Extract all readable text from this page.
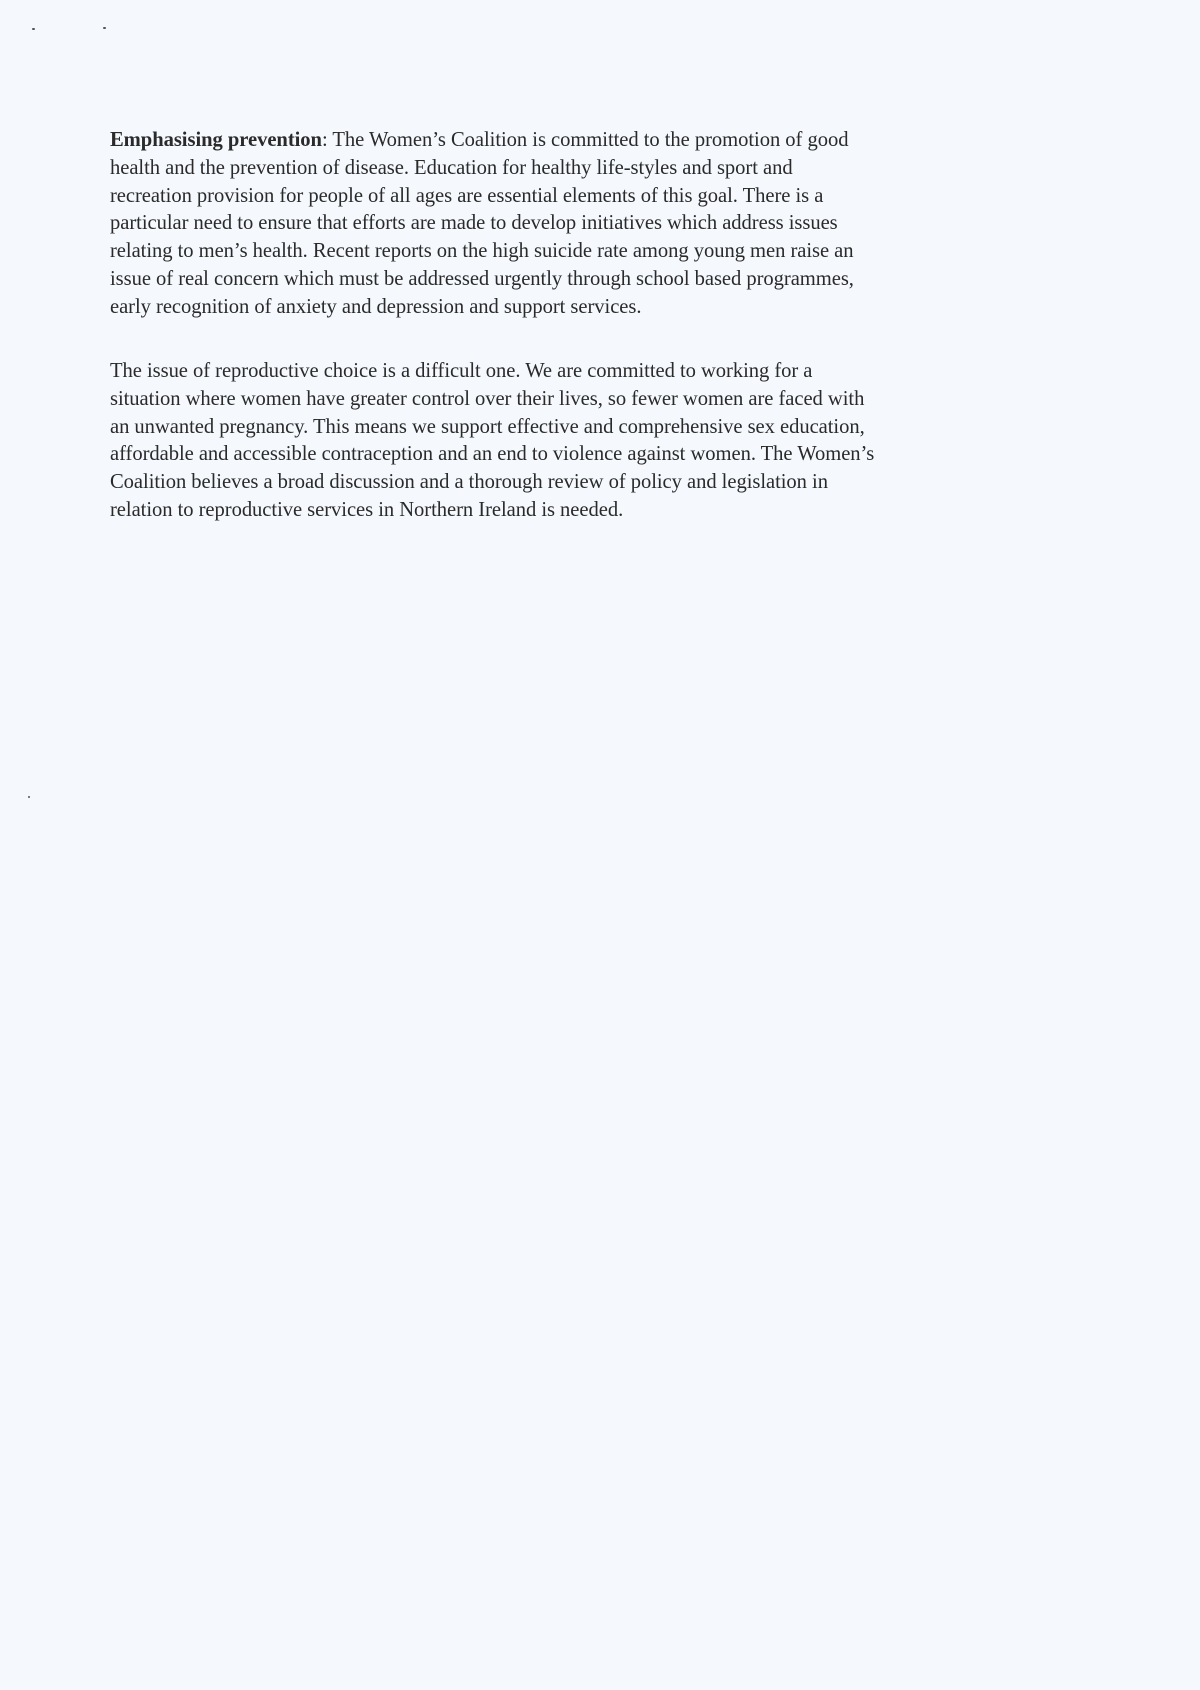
Emphasising prevention: The Women’s Coalition is committed to the promotion of good
health and the prevention of disease. Education for healthy life-styles and sport and
recreation provision for people of all ages are essential elements of this goal. There is a
particular need to ensure that efforts are made to develop initiatives which address issues
relating to men’s health. Recent reports on the high suicide rate among young men raise an
issue of real concern which must be addressed urgently through school based programmes,
early recognition of anxiety and depression and support services.

The issue of reproductive choice is a difficult one. We are committed to working for a
situation where women have greater control over their lives, so fewer women are faced with
an unwanted pregnancy. This means we support effective and comprehensive sex education,
affordable and accessible contraception and an end to violence against women. The Women’s
Coalition believes a broad discussion and a thorough review of policy and legislation in
relation to reproductive services in Northern Ireland is needed.
